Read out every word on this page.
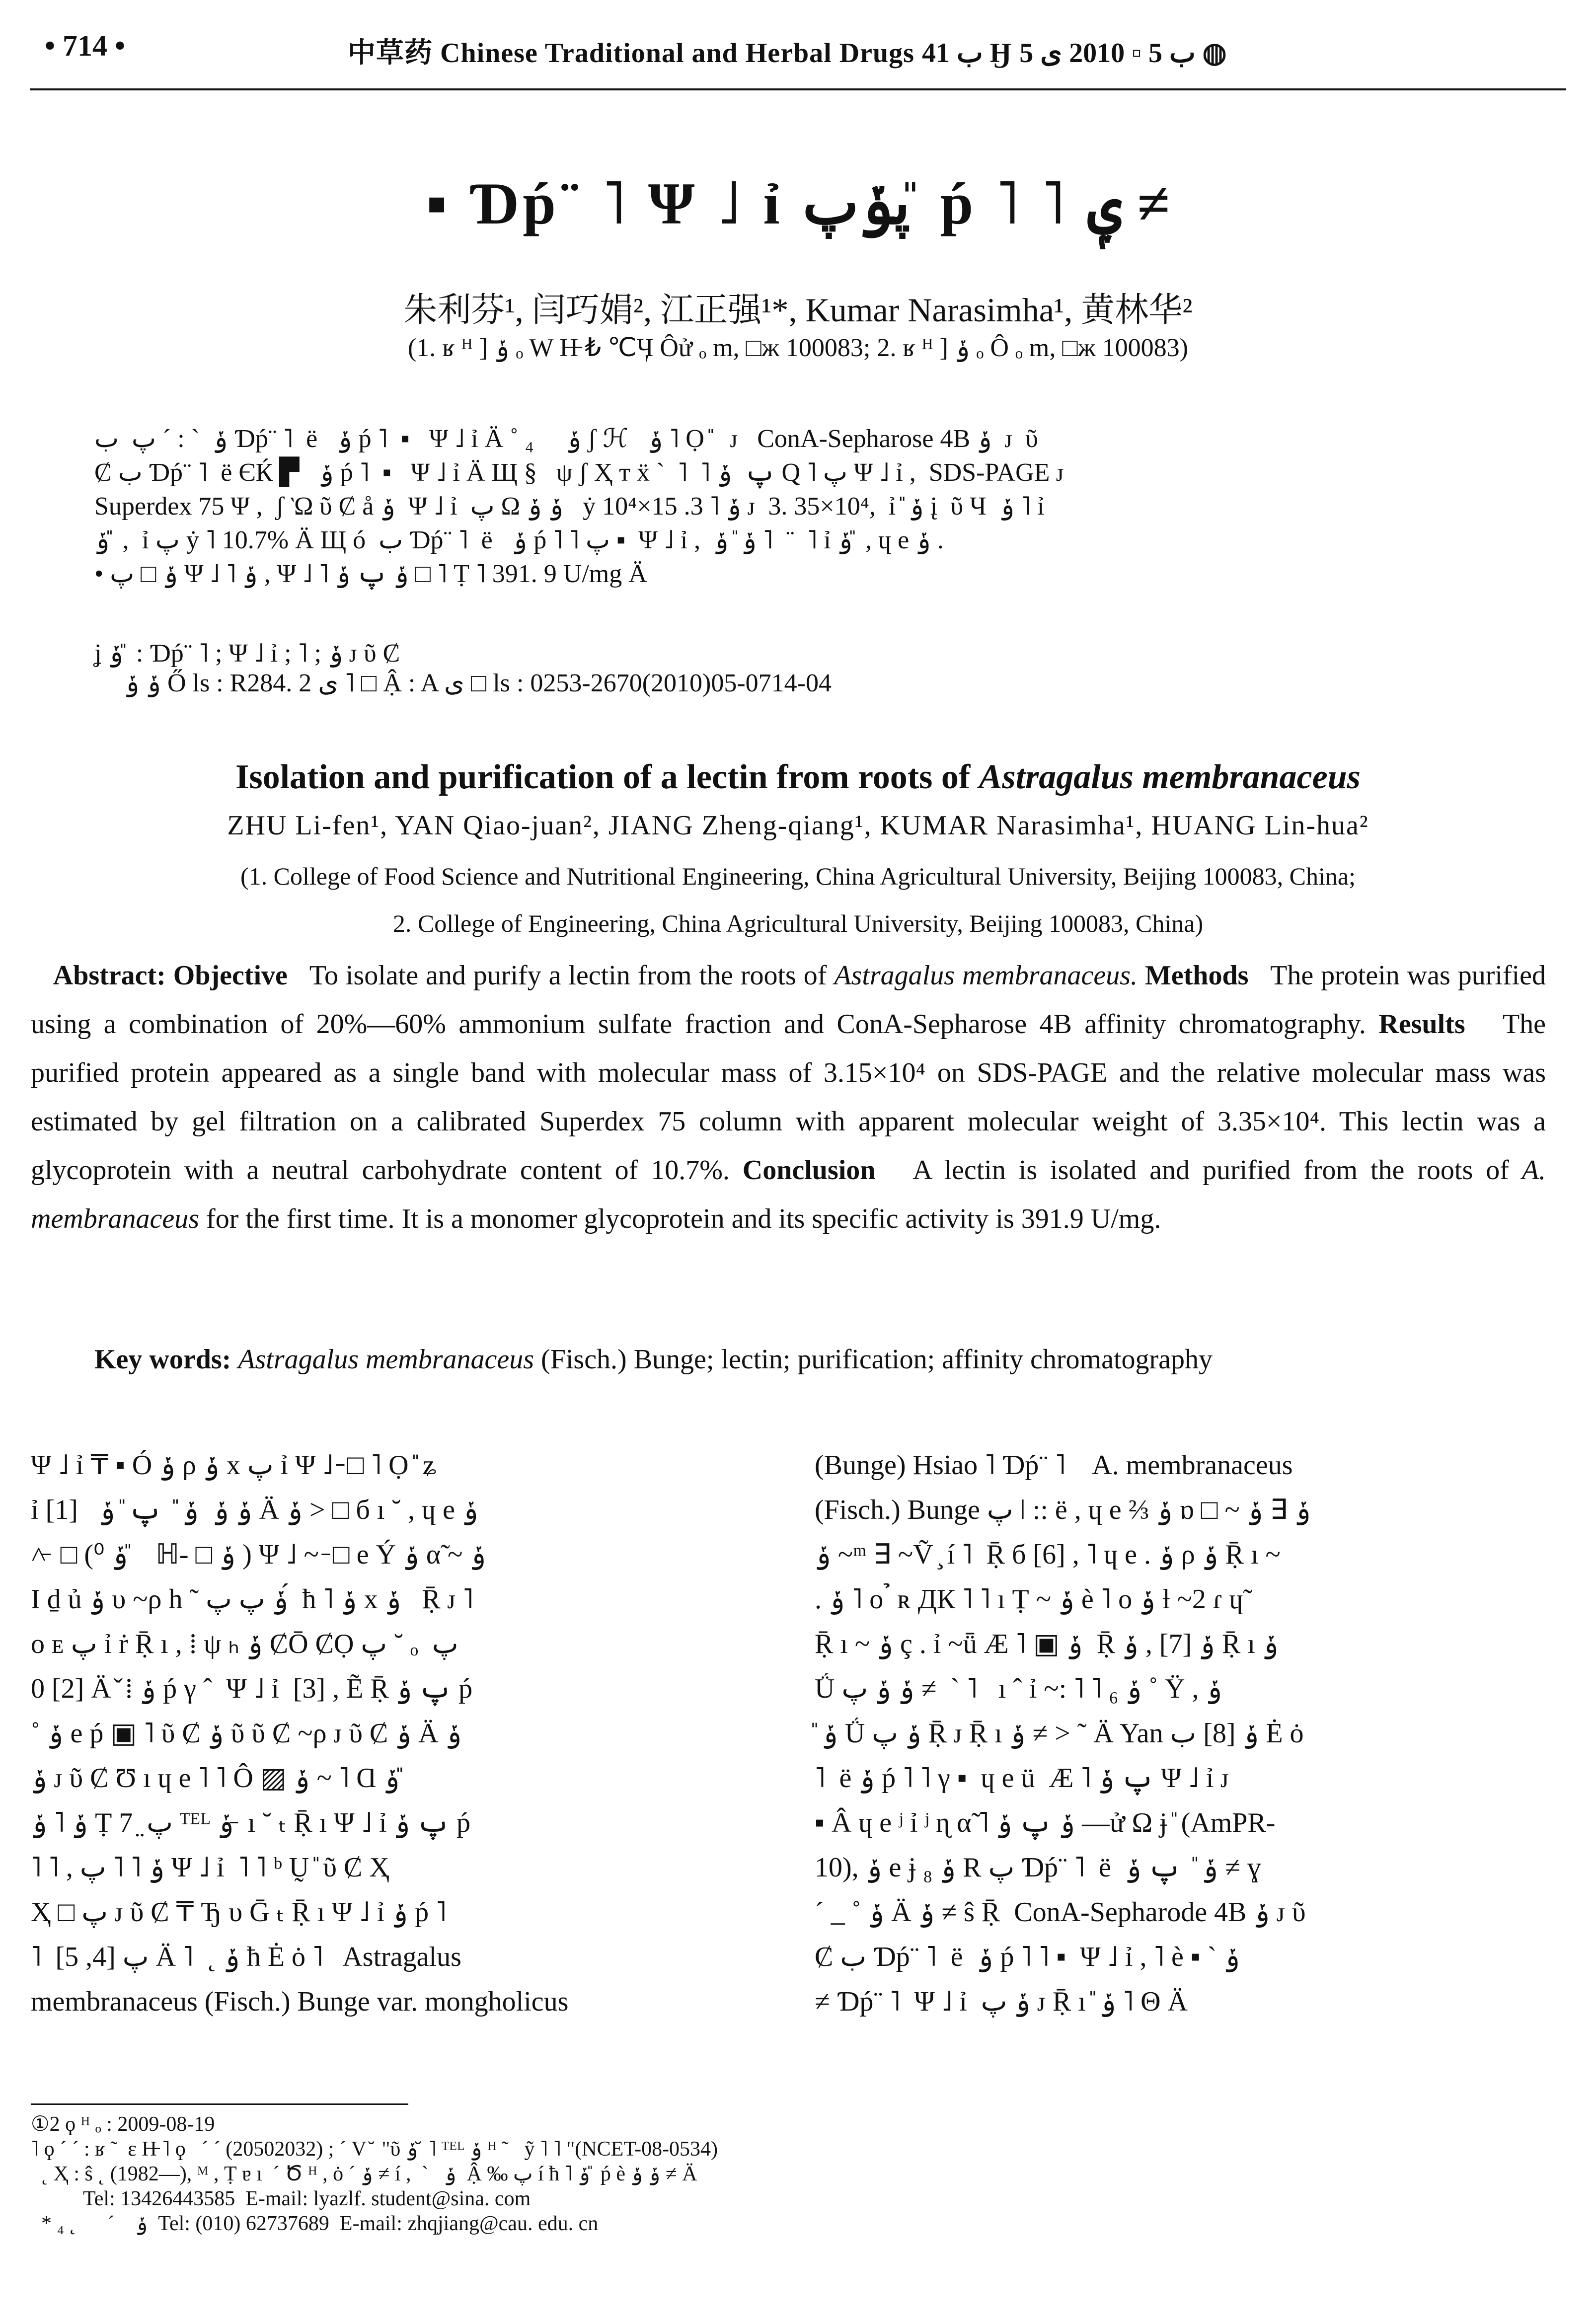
• 714 •	中草药 Chinese Traditional and Herbal Drugs ب 41 Ӈ ب 5 ▫ 2010 ی 5 ◍
▪ Ɗṕ¨ ˥ Ψ ˩ ỉ پݸپ ̎ ṕ ˥ ˥ ݷ ≠
朱利芬¹, 闫巧娟², 江正强¹*, Kumar Narasimha¹, 黄林华²
(1. ʁ ᴴ ] ݸ ₒ W H̵ ₺ ℃Ӌ Ôử ₒ m, □ж 100083; 2. ʁ ᴴ ] ݸ ₒ Ô ₒ m, □ж 100083)
ݸ  ˋ : ˊ پ  ب Ɗṕ¨ ˥  ë   ݸ ṕ ˥  ▪   Ψ ˩ ỉ Ä ˚ ݸ     ₄ ʃ ℋ   ݸ ˥ Ọ ̎   ᴊ   ConA-Sepharose 4B ݸ  ᴊ  ῦ
Ȼ ب Ɗṕ¨ ˥  ë ЄЌ ▛   ݸ ṕ ˥  ▪   Ψ ˩ ỉ Ä Щ §   ψ ʃ Ҳ т ẍ `  ˥  ˥ پ  ݸ Q ˥ پ Ψ ˩ ỉ ,  SDS-PAGE ᴊ
Superdex 75 Ψ ,  ʃ Ὼ ῦ Ȼ å ݸ  Ψ ˩ ỉ  پ Ω ݸ ݸ   ẏ ݸ ˥ 3. 15×10⁴ ᴊ  3. 35×10⁴,  ỉ ̎ ݸ į  ῦ Ч  ݸ ˥ ỉ
ݸ ̎ ,  ỉ پ ẏ ˥ 10.7% Ä Щ ó  ب Ɗṕ¨ ˥  ë   ݸ ṕ ˥ ˥ پ ▪  Ψ ˩ ỉ ,  ݸ ̎ ݸ ˥  ¨  ˥ ỉ ݸ ̎ , ɥ e ݸ .
• ݸ □ پ Ψ ˩ ˥ ݸ , Ψ ˩ ˥ ݸ پ ݸ □ ˥ Ṭ ˥ 391. 9 U/mg Ä
ʝ ݸ ̎ : Ɗṕ¨ ˥ ; Ψ ˩ ỉ ; ˥ ; ݸ ᴊ ῦ Ȼ
ݸ ݸ Ő ls : R284. 2 ی ˥ □ Ậ : A ی □ ls : 0253-2670(2010)05-0714-04
Isolation and purification of a lectin from roots of Astragalus membranaceus
ZHU Li-fen¹, YAN Qiao-juan², JIANG Zheng-qiang¹, KUMAR Narasimha¹, HUANG Lin-hua²
(1. College of Food Science and Nutritional Engineering, China Agricultural University, Beijing 100083, China;
2. College of Engineering, China Agricultural University, Beijing 100083, China)
Abstract: Objective To isolate and purify a lectin from the roots of Astragalus membranaceus. Methods The protein was purified using a combination of 20%—60% ammonium sulfate fraction and ConA-Sepharose 4B affinity chromatography. Results The purified protein appeared as a single band with molecular mass of 3.15×10⁴ on SDS-PAGE and the relative molecular mass was estimated by gel filtration on a calibrated Superdex 75 column with apparent molecular weight of 3.35×10⁴. This lectin was a glycoprotein with a neutral carbohydrate content of 10.7%. Conclusion A lectin is isolated and purified from the roots of A. membranaceus for the first time. It is a monomer glycoprotein and its specific activity is 391.9 U/mg.
Key words: Astragalus membranaceus (Fisch.) Bunge; lectin; purification; affinity chromatography
Ψ ˩ ỉ ₸ ▪ Ó ݸ ρ ݸ x پ ỉ Ψ ˩ ̵ □ ˥ Ọ ̎ ʑ
ỉ ݸ ݸ  ݸ ̎  پ ̎ ݸ   [1] Ä ݸ > □ б ı ˘ , ɥ e ݸ
˄ ̵ □ (⁰ ݸ ̎   ℍ- □ ݸ ) Ψ ˩ ~ ̵ □ e Ý ݸ α̃ ~ ݸ
I ḏ ủ ݸ υ ~ρ h ˜ ݸ پ پ ́ ħ ˥ ݸ x ݸ   Ṝ ᴊ ˥
ο ᴇ پ ỉ ṙ Ṝ ı , ⁞ ψ ₕ ݸ ȻŌ ȻỌ پ ˘ ₒ  پ
0 [2] Ä ̌ ⁞ ݸ ṕ γ ˆ  Ψ ˩ ỉ  [3] , Ẽ Ṝ پ ݸ ṕ
˚ ݸ e ṕ ▣ ˥ ῦ Ȼ ݸ ῦ ῦ Ȼ ~ρ ᴊ ῦ Ȼ ݸ Ä ݸ
ݸ ᴊ ῦ Ȼ Ʊ ı ɥ e ˥ ˥ Ô ▨ ݸ ~ ˥ Ɑ ݸ ̎
ݸ ˥ ݸ Ṭ 7 ̤ پ ᵀᴱᴸ ݸ ̵ ı ˘ ₜ Ṝ ı Ψ ˩ ỉ پ ݸ ṕ
˥ ˥ , ݸ ˥ ˥ پ Ψ ˩ ỉ  ˥ ˥ ᵇ Ṵ ̎ ῦ Ȼ Ҳ
Ҳ □ پ ᴊ ῦ Ȼ ₸ Ђ υ Ḡ ₜ Ṝ ı Ψ ˩ ỉ ݸ ṕ ˥
˥  پ [4, 5] Ä ˥  ˛ ݸ ħ Ė ȯ ˥   Astragalus
membranaceus (Fisch.) Bunge var. mongholicus
(Bunge) Hsiao ˥ Ɗṕ¨ ˥    A. membranaceus
(Fisch.) Bunge پ ǀ :: ë , ɥ e ⅔ ݸ ɒ □ ~ ݸ ∃ ݸ
ݸ ~ᵐ ∃ ~Ṽ ̧ í ˥  Ṝ б [6] , ˥ ɥ e . ݸ ρ ݸ Ṝ ı ~
. ݸ ˥ ο ̉ ʀ ДК ˥ ˥ ı Ṭ ~ ݸ è ˥ ο ݸ ƚ ~2 ɾ ɥ̃
Ṝ ı ~ ݸ ç . ỉ ~ǖ Æ ˥ ▣ ݸ  Ṝ ݸ [7] , ݸ Ṝ ı ݸ
Ǘ ݸ ݸ پ ≠  ˋ ˥   ı ˆ ỉ ~: ˥ ˥ ₆ ݸ ˚ Ÿ , ݸ
ݸ Ǘ ݸ پ Ṝ ᴊ Ṝ ı ݸ ≠ > ˜ Ä Yan ݸ [8] ب Ė ȯ
˥  ë ݸ ṕ ˥ ˥ γ ▪  ɥ e ü  Æ ˥ پ ݸ Ψ ˩ ỉ ᴊ
▪ Â ɥ e ʲ ỉ ʲ ɳ α̃ ˥ ݸ پ ݸ ―ử Ω ɉ ̎ (AmPR-
10), ݸ e ɉ ݸ ₈ R پ Ɗṕ¨ ˥  ë  ݸ ̎  پ ݸ ≠ ɣ
ˊ _ ˚ ݸ Ä ݸ ≠ ŝ Ṝ  ConA-Sepharode 4B ݸ ᴊ ῦ
Ȼ ب Ɗṕ¨ ˥  ë  ݸ ṕ ˥ ˥ ▪  Ψ ˩ ỉ , ˥ è ▪ ` ݸ
≠ Ɗṕ¨ ˥  Ψ ˩ ỉ  ݸ پ ᴊ Ṝ ı ̎ ݸ ˥ Θ Ä
①2 ϙ ᴴ ₒ : 2009-08-19
˥ ϙ ˊ ˊ : ʁ ˜  ɛ H̵ ˥ ϙ   ˊ ˊ (20502032) ; ˊ V ̆  "ῦ ݸ ̆ ˥ ᵀᴱᴸ ݸ ᴴ ˜   ỹ ˥ ˥ "(NCET-08-0534)
˛ Ҳ : ŝ ˛ (1982—), ᴹ , Ṭ ɐ ı  ˊ Ծ ᴴ , ȯ ˊ ݸ ≠ í ,  ˋ   ݸ  Ậ ‰ پ í ħ ˥ ݸ ̎ ṕ è ݸ ݸ ≠ Ä
Tel: 13426443585  E-mail: lyazlf. student@sina. com
* ₄ ˛      ˊ    ݸ  Tel: (010) 62737689  E-mail: zhqjiang@cau. edu. cn
